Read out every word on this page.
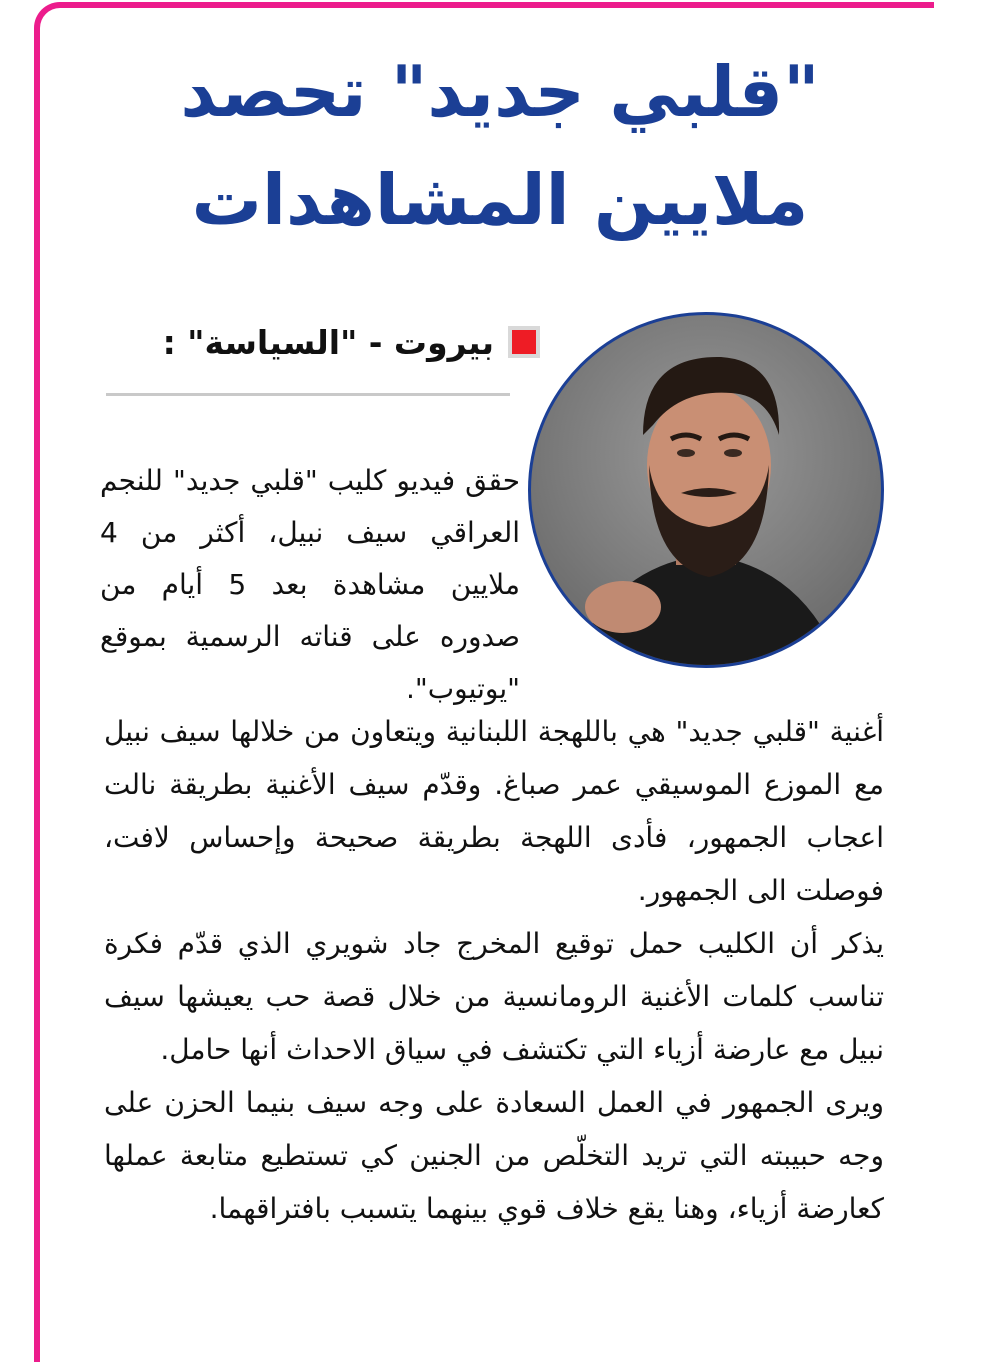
"قلبي جديد" تحصد ملايين المشاهدات
بيروت - "السياسة" :
حقق فيديو كليب "قلبي جديد" للنجم العراقي سيف نبيل، أكثر من 4 ملايين مشاهدة بعد 5 أيام من صدوره على قناته الرسمية بموقع "يوتيوب".

أغنية "قلبي جديد" هي باللهجة اللبنانية ويتعاون من خلالها سيف نبيل مع الموزع الموسيقي عمر صباغ. وقدّم سيف الأغنية بطريقة نالت اعجاب الجمهور، فأدى اللهجة بطريقة صحيحة وإحساس لافت، فوصلت الى الجمهور.

يذكر أن الكليب حمل توقيع المخرج جاد شويري الذي قدّم فكرة تناسب كلمات الأغنية الرومانسية من خلال قصة حب يعيشها سيف نبيل مع عارضة أزياء التي تكتشف في سياق الاحداث أنها حامل.

ويرى الجمهور في العمل السعادة على وجه سيف بنيما الحزن على وجه حبيبته التي تريد التخلّص من الجنين كي تستطيع متابعة عملها كعارضة أزياء، وهنا يقع خلاف قوي بينهما يتسبب بافتراقهما.
